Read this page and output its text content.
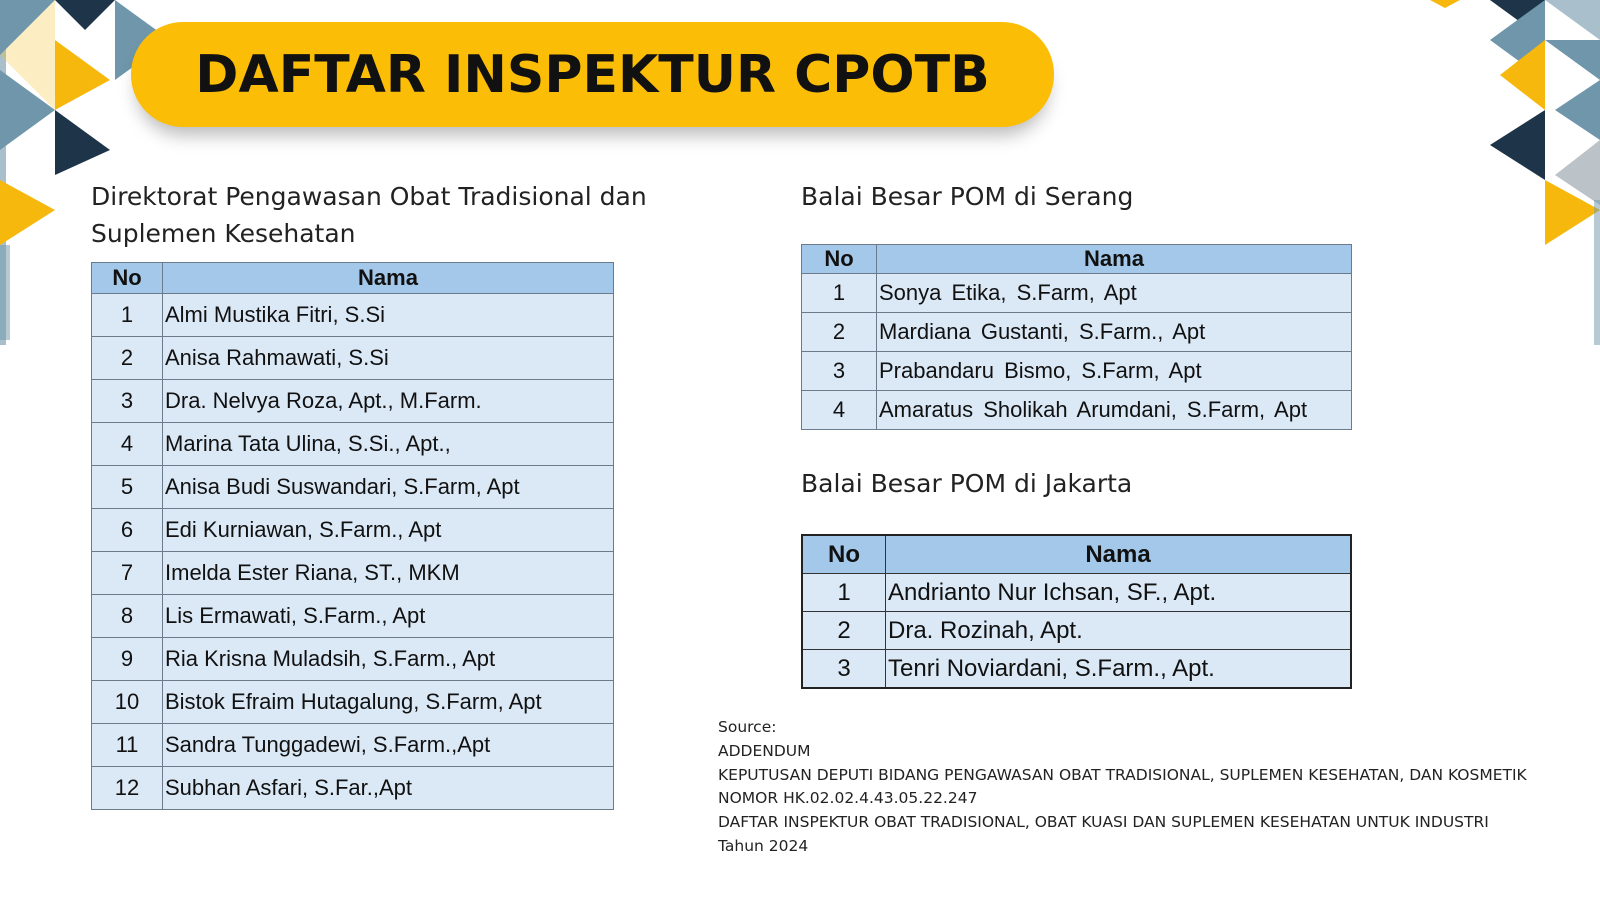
DAFTAR INSPEKTUR CPOTB
Direktorat Pengawasan Obat Tradisional dan
Suplemen Kesehatan
No	Nama
1	Almi Mustika Fitri, S.Si
2	Anisa Rahmawati, S.Si
3	Dra. Nelvya Roza, Apt., M.Farm.
4	Marina Tata Ulina, S.Si., Apt.,
5	Anisa Budi Suswandari, S.Farm, Apt
6	Edi Kurniawan, S.Farm., Apt
7	Imelda Ester Riana, ST., MKM
8	Lis Ermawati, S.Farm., Apt
9	Ria Krisna Muladsih, S.Farm., Apt
10	Bistok Efraim Hutagalung, S.Farm, Apt
11	Sandra Tunggadewi, S.Farm.,Apt
12	Subhan Asfari, S.Far.,Apt
Balai Besar POM di Serang
No	Nama
1	Sonya Etika, S.Farm, Apt
2	Mardiana Gustanti, S.Farm., Apt
3	Prabandaru Bismo, S.Farm, Apt
4	Amaratus Sholikah Arumdani, S.Farm, Apt
Balai Besar POM di Jakarta
No	Nama
1	Andrianto Nur Ichsan, SF., Apt.
2	Dra. Rozinah, Apt.
3	Tenri Noviardani, S.Farm., Apt.
Source:
ADDENDUM
KEPUTUSAN DEPUTI BIDANG PENGAWASAN OBAT TRADISIONAL, SUPLEMEN KESEHATAN, DAN KOSMETIK
NOMOR HK.02.02.4.43.05.22.247
DAFTAR INSPEKTUR OBAT TRADISIONAL, OBAT KUASI DAN SUPLEMEN KESEHATAN UNTUK INDUSTRI
Tahun 2024
